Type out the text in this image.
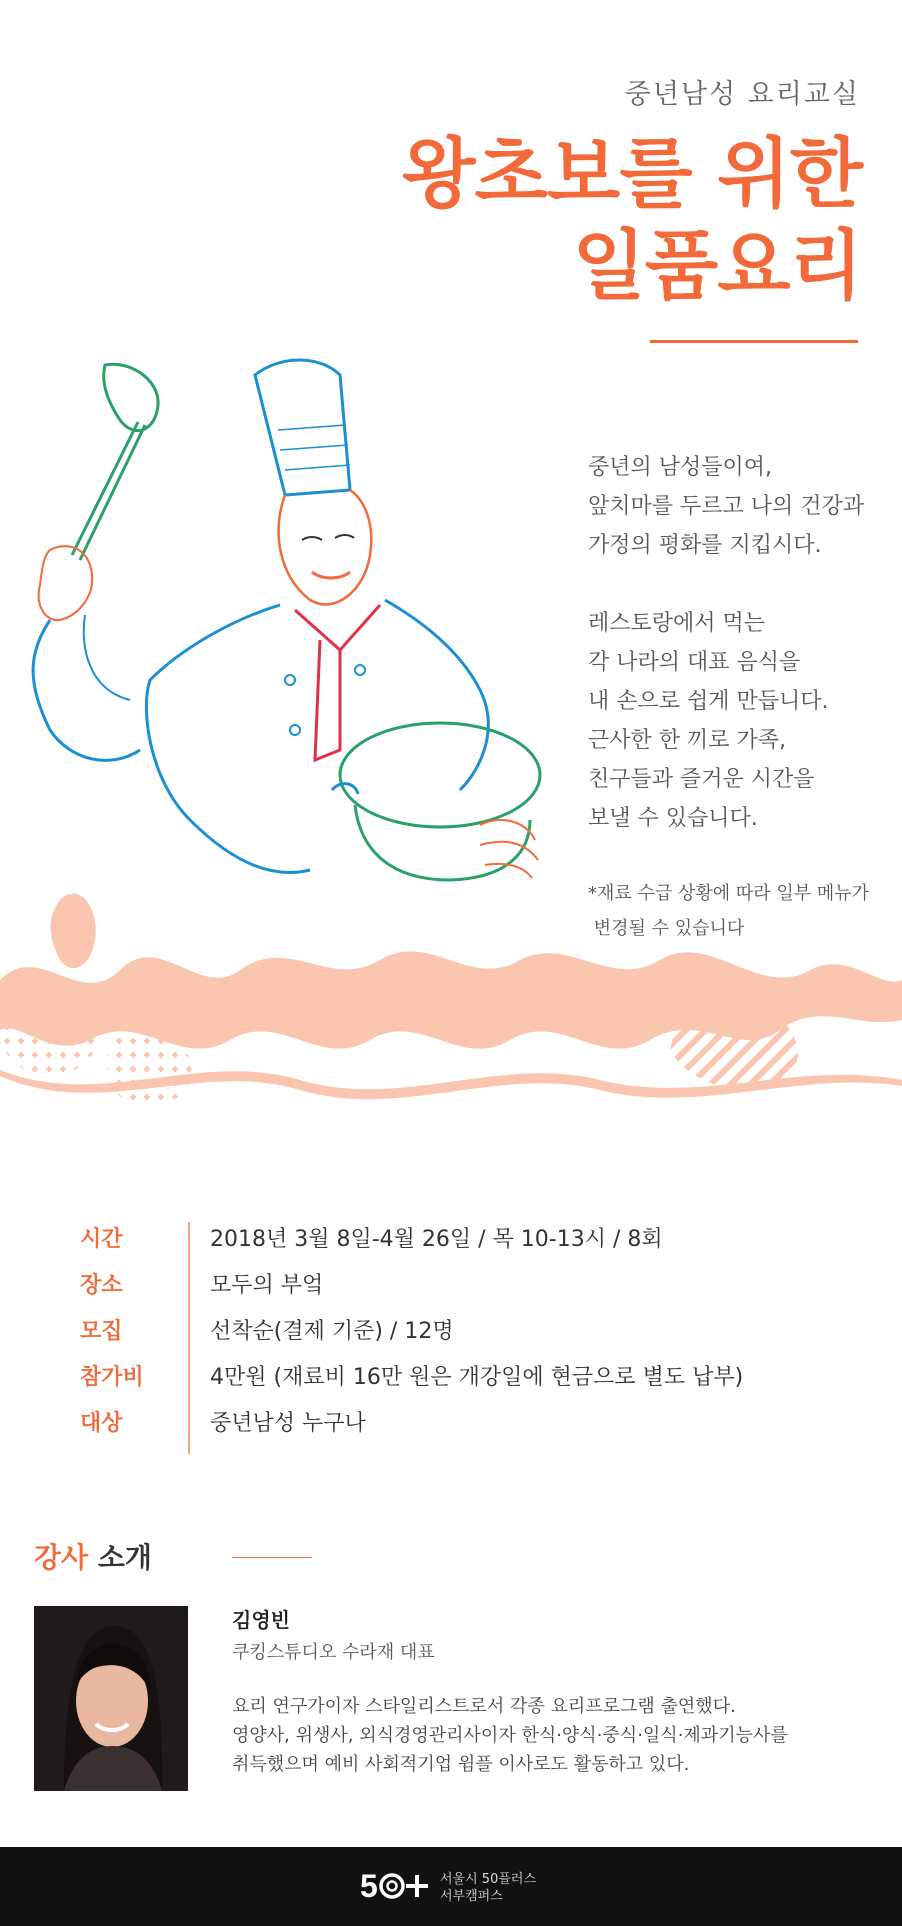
중년남성 요리교실
왕초보를 위한
일품요리

중년의 남성들이여,
앞치마를 두르고 나의 건강과
가정의 평화를 지킵시다.

레스토랑에서 먹는
각 나라의 대표 음식을
내 손으로 쉽게 만듭니다.
근사한 한 끼로 가족,
친구들과 즐거운 시간을
보낼 수 있습니다.

*재료 수급 상황에 따라 일부 메뉴가
변경될 수 있습니다
시간	2018년 3월 8일-4월 26일 / 목 10-13시 / 8회
장소	모두의 부엌
모집	선착순(결제 기준) / 12명
참가비	4만원 (재료비 16만 원은 개강일에 현금으로 별도 납부)
대상	중년남성 누구나
강사 소개
김영빈
쿠킹스튜디오 수라재 대표
요리 연구가이자 스타일리스트로서 각종 요리프로그램 출연했다.
영양사, 위생사, 외식경영관리사이자 한식·양식·중식·일식·제과기능사를
취득했으며 예비 사회적기업 윔플 이사로도 활동하고 있다.
5	서울시 50플러스
서부캠퍼스
